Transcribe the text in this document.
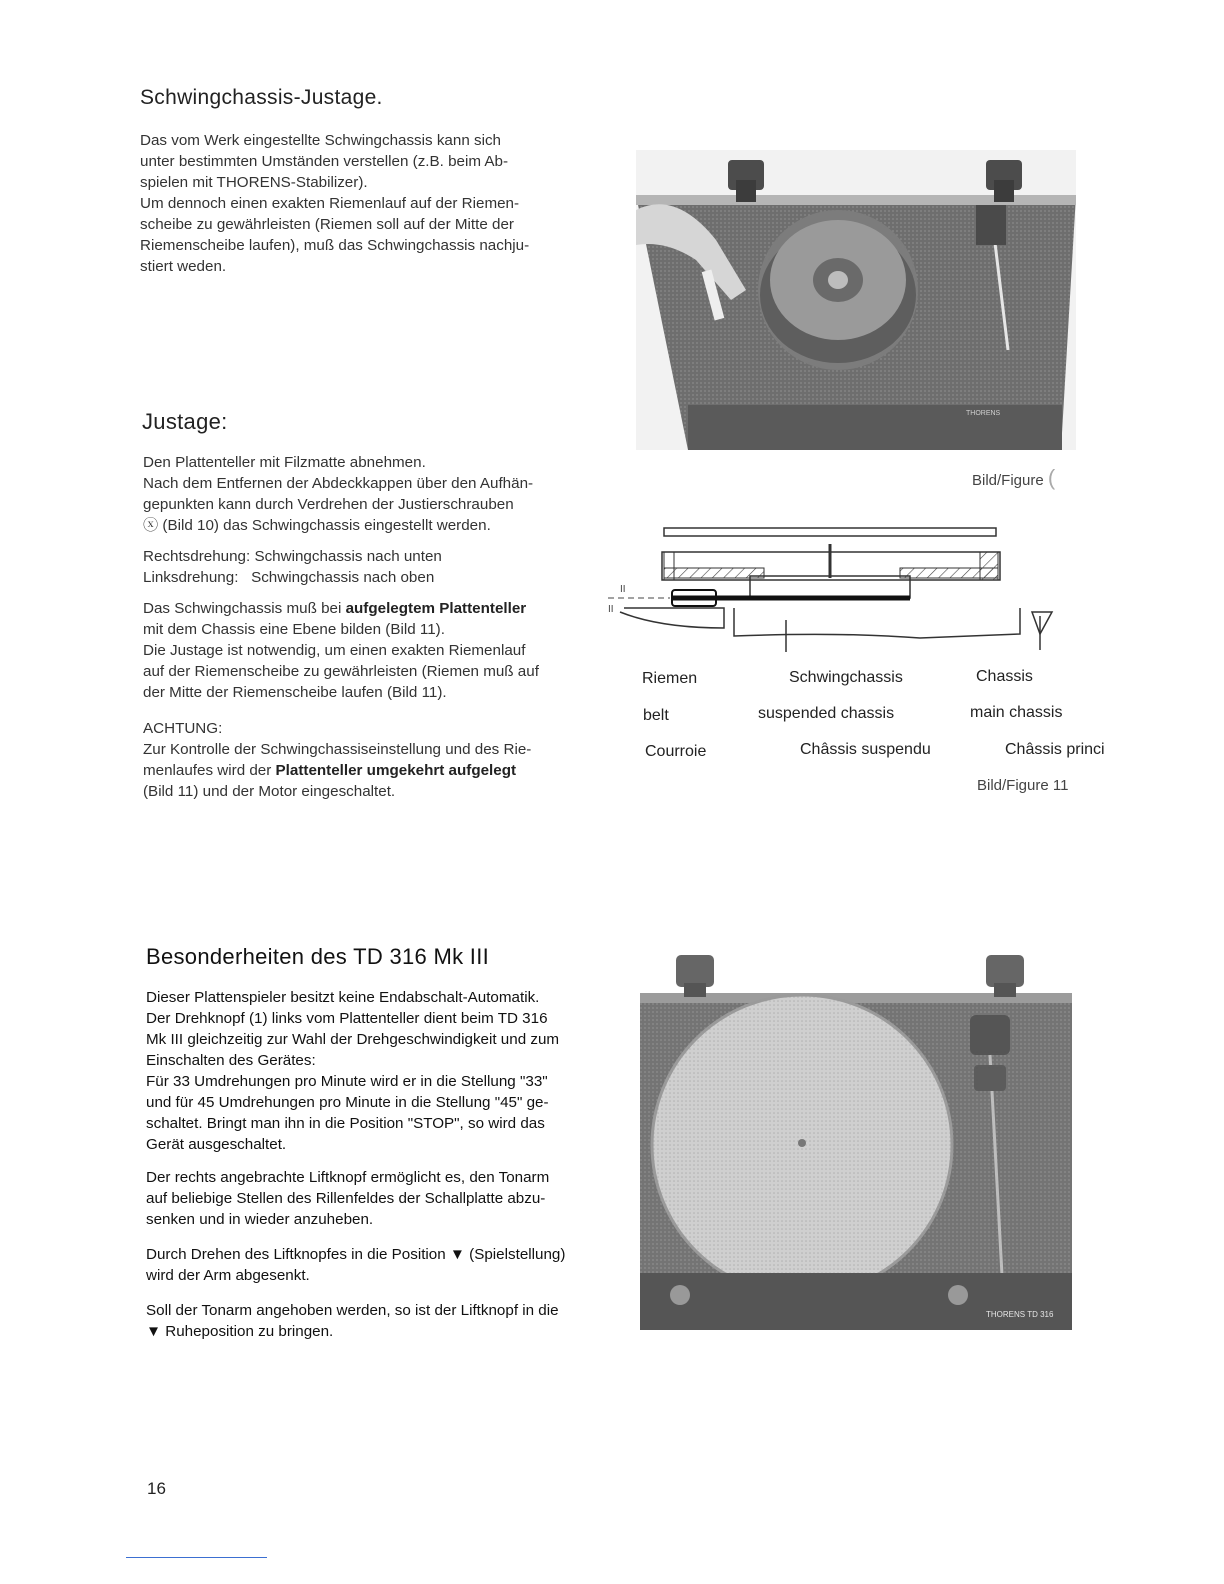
Schwingchassis-Justage.

Das vom Werk eingestellte Schwingchassis kann sich

unter bestimmten Umständen verstellen (z.B. beim Ab-

spielen mit THORENS-Stabilizer).

Um dennoch einen exakten Riemenlauf auf der Riemen-

scheibe zu gewährleisten (Riemen soll auf der Mitte der

Riemenscheibe laufen), muß das Schwingchassis nachju-

stiert weden.

THORENS
Bild/Figure (
Justage:

Den Plattenteller mit Filzmatte abnehmen.

Nach dem Entfernen der Abdeckkappen über den Aufhän-

gepunkten kann durch Verdrehen der Justierschrauben

ⓧ (Bild 10) das Schwingchassis eingestellt werden.

Rechtsdrehung: Schwingchassis nach unten

Linksdrehung:   Schwingchassis nach oben

Das Schwingchassis muß bei aufgelegtem Plattenteller

mit dem Chassis eine Ebene bilden (Bild 11).

Die Justage ist notwendig, um einen exakten Riemenlauf

auf der Riemenscheibe zu gewährleisten (Riemen muß auf

der Mitte der Riemenscheibe laufen (Bild 11).

ACHTUNG:

Zur Kontrolle der Schwingchassiseinstellung und des Rie-

menlaufes wird der Plattenteller umgekehrt aufgelegt

(Bild 11) und der Motor eingeschaltet.

II
II
Riemen	Schwingchassis	Chassis
belt	suspended chassis	main chassis
Courroie	Châssis suspendu	Châssis princi
Bild/Figure 11
Besonderheiten des TD 316 Mk III

Dieser Plattenspieler besitzt keine Endabschalt-Automatik.

Der Drehknopf (1) links vom Plattenteller dient beim TD 316

Mk III gleichzeitig zur Wahl der Drehgeschwindigkeit und zum

Einschalten des Gerätes:

Für 33 Umdrehungen pro Minute wird er in die Stellung "33"

und für 45 Umdrehungen pro Minute in die Stellung "45" ge-

schaltet. Bringt man ihn in die Position "STOP", so wird das

Gerät ausgeschaltet.

Der rechts angebrachte Liftknopf ermöglicht es, den Tonarm

auf beliebige Stellen des Rillenfeldes der Schallplatte abzu-

senken und in wieder anzuheben.

Durch Drehen des Liftknopfes in die Position ▼ (Spielstellung)

wird der Arm abgesenkt.

Soll der Tonarm angehoben werden, so ist der Liftknopf in die

▼ Ruheposition zu bringen.

THORENS TD 316
16
